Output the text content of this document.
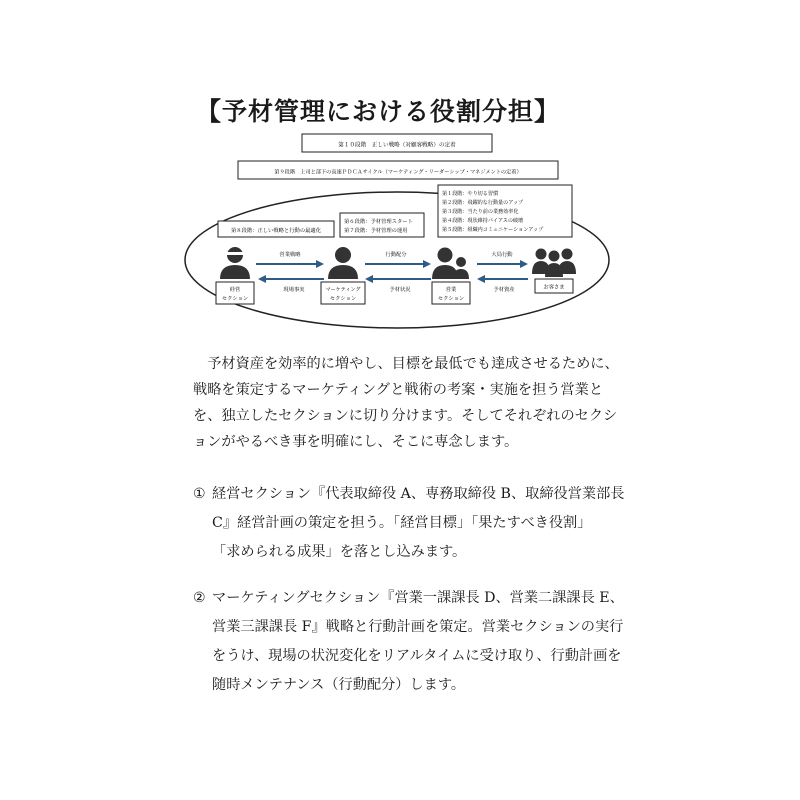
【予材管理における役割分担】
第１０段階　正しい戦略（対顧客戦略）の定着
第９段階　上司と部下の高速ＰＤＣＡサイクル（マーケティング・リーダーシップ・マネジメントの定着）
第８段階：正しい戦略と行動の最適化
第６段階：予材管理スタート
第７段階：予材管理の運用
第１段階：やり切る習慣
第２段階：飛躍的な行動量のアップ
第３段階：当たり前の業務効率化
第４段階：現状維持バイアスの破壊
第５段階：組織内コミュニケーションアップ
営業戦略	行動配分	大局行動
現場事実	予材状況	予材資産
経営
セクション
マーケティング
セクション
営業
セクション
お客さま
　予材資産を効率的に増やし、目標を最低でも達成させるために、
戦略を策定するマーケティングと戦術の考案・実施を担う営業と
を、独立したセクションに切り分けます。そしてそれぞれのセクシ
ョンがやるべき事を明確にし、そこに専念します。
① 経営セクション『代表取締役 A、専務取締役 B、取締役営業部長
C』経営計画の策定を担う。「経営目標」「果たすべき役割」
「求められる成果」を落とし込みます。
② マーケティングセクション『営業一課課長 D、営業二課課長 E、
営業三課課長 F』戦略と行動計画を策定。営業セクションの実行
をうけ、現場の状況変化をリアルタイムに受け取り、行動計画を
随時メンテナンス（行動配分）します。
